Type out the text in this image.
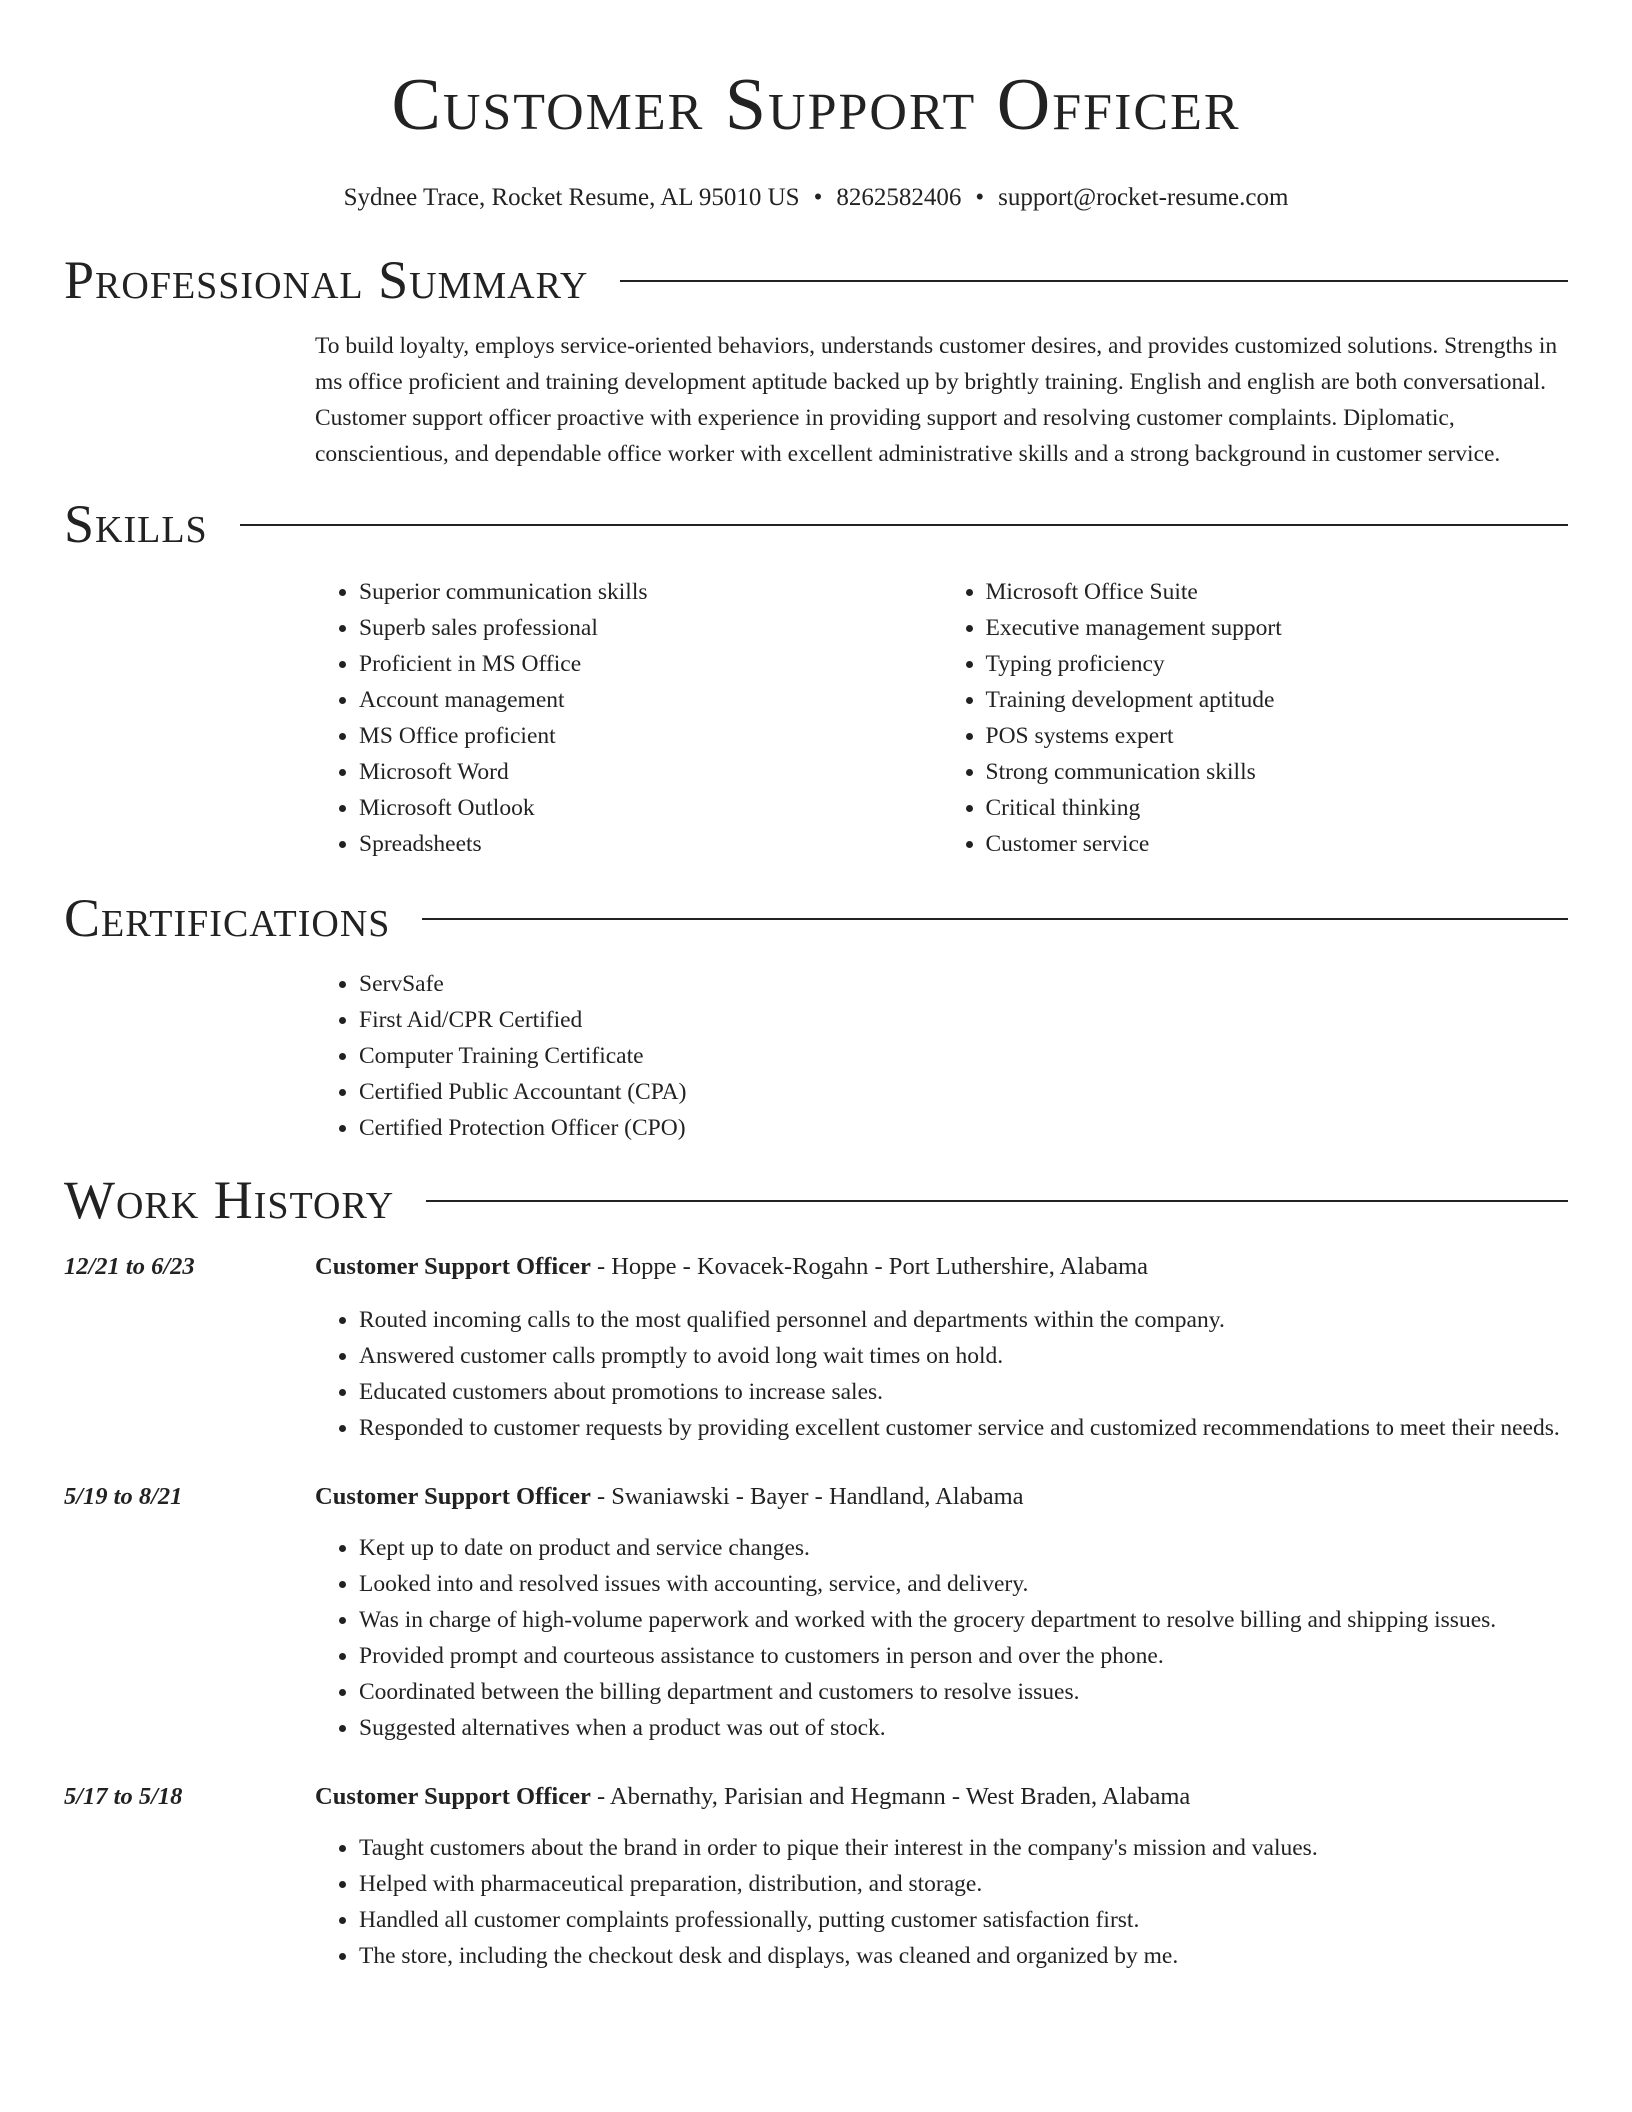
Customer Support Officer
Sydnee Trace, Rocket Resume, AL 95010 US • 8262582406 • support@rocket-resume.com
Professional Summary
To build loyalty, employs service-oriented behaviors, understands customer desires, and provides customized solutions. Strengths in ms office proficient and training development aptitude backed up by brightly training. English and english are both conversational. Customer support officer proactive with experience in providing support and resolving customer complaints. Diplomatic, conscientious, and dependable office worker with excellent administrative skills and a strong background in customer service.
Skills
• Superior communication skills
• Superb sales professional
• Proficient in MS Office
• Account management
• MS Office proficient
• Microsoft Word
• Microsoft Outlook
• Spreadsheets
• Microsoft Office Suite
• Executive management support
• Typing proficiency
• Training development aptitude
• POS systems expert
• Strong communication skills
• Critical thinking
• Customer service
Certifications
• ServSafe
• First Aid/CPR Certified
• Computer Training Certificate
• Certified Public Accountant (CPA)
• Certified Protection Officer (CPO)
Work History
12/21 to 6/23	Customer Support Officer - Hoppe - Kovacek-Rogahn - Port Luthershire, Alabama
• Routed incoming calls to the most qualified personnel and departments within the company.
• Answered customer calls promptly to avoid long wait times on hold.
• Educated customers about promotions to increase sales.
• Responded to customer requests by providing excellent customer service and customized recommendations to meet their needs.
5/19 to 8/21	Customer Support Officer - Swaniawski - Bayer - Handland, Alabama
• Kept up to date on product and service changes.
• Looked into and resolved issues with accounting, service, and delivery.
• Was in charge of high-volume paperwork and worked with the grocery department to resolve billing and shipping issues.
• Provided prompt and courteous assistance to customers in person and over the phone.
• Coordinated between the billing department and customers to resolve issues.
• Suggested alternatives when a product was out of stock.
5/17 to 5/18	Customer Support Officer - Abernathy, Parisian and Hegmann - West Braden, Alabama
• Taught customers about the brand in order to pique their interest in the company's mission and values.
• Helped with pharmaceutical preparation, distribution, and storage.
• Handled all customer complaints professionally, putting customer satisfaction first.
• The store, including the checkout desk and displays, was cleaned and organized by me.
